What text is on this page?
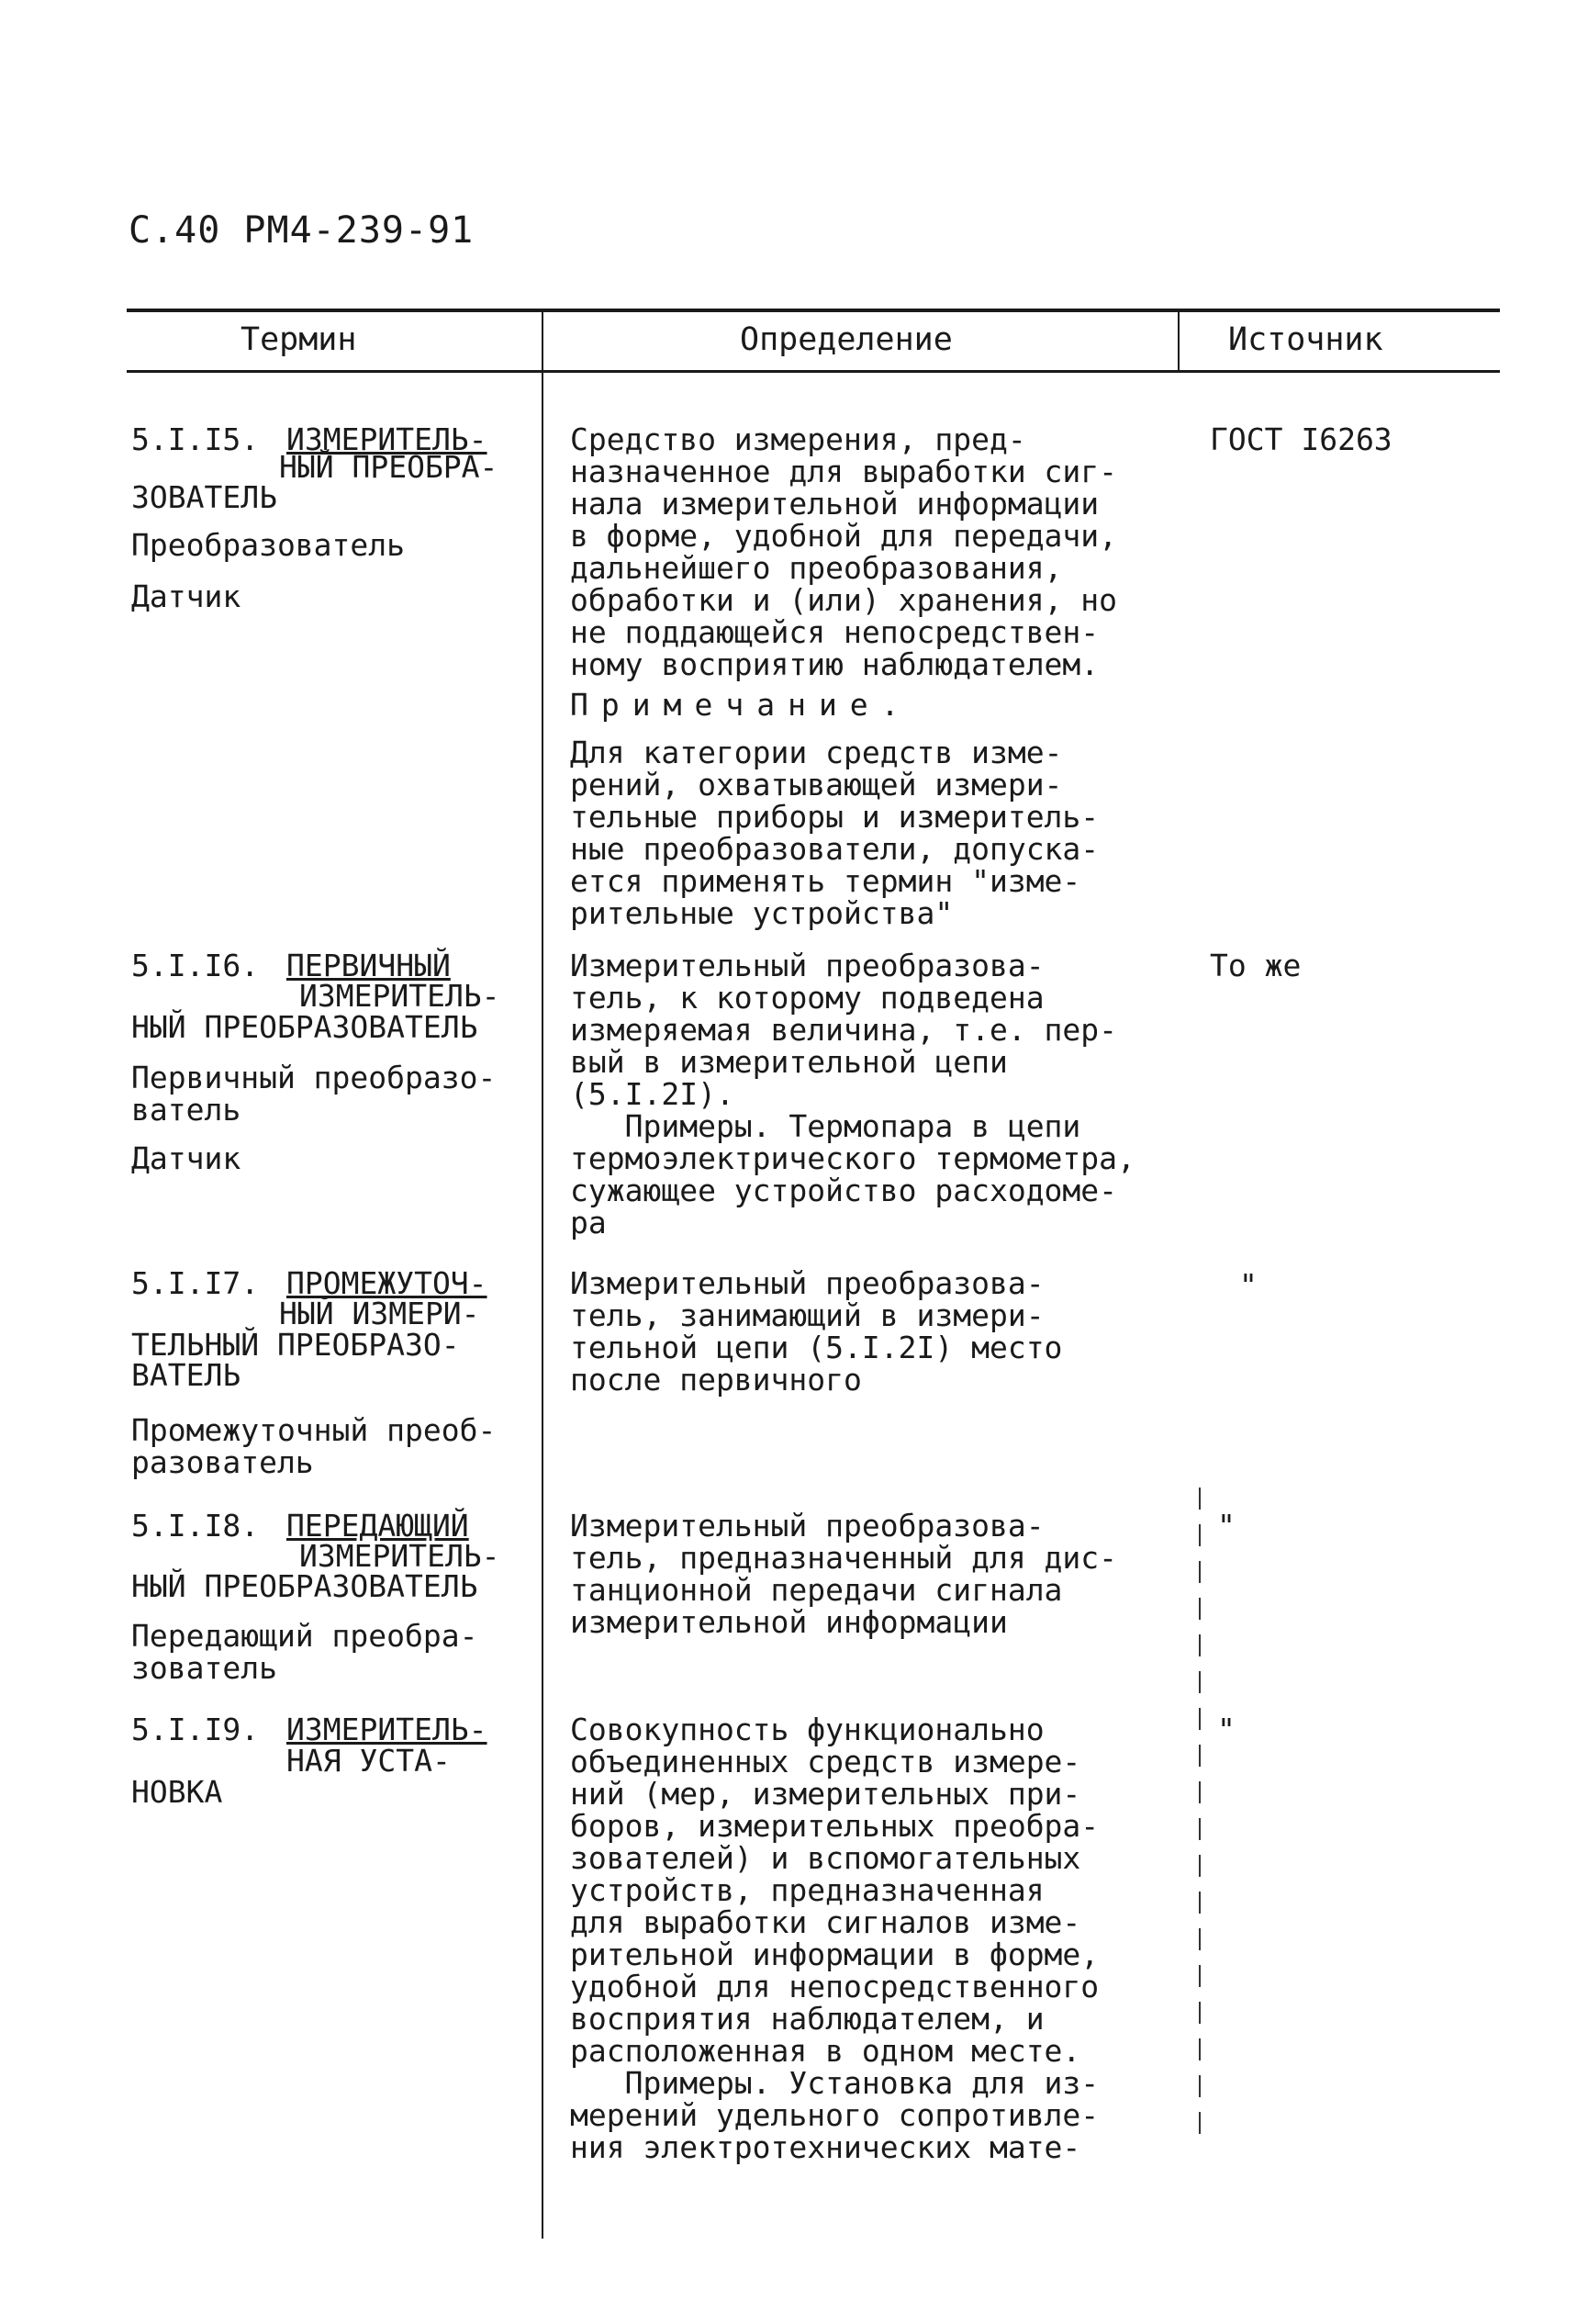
С.40 РМ4-239-91
Термин	Определение	Источник
5.I.I5. ИЗМЕРИТЕЛЬ-
НЫЙ ПРЕОБРА-
ЗОВАТЕЛЬ
Преобразователь
Датчик
Средство измерения, пред-
назначенное для выработки сиг-
нала измерительной информации
в форме, удобной для передачи,
дальнейшего преобразования,
обработки и (или) хранения, но
не поддающейся непосредствен-
ному восприятию наблюдателем.
Примечание.
Для категории средств изме-
рений, охватывающей измери-
тельные приборы и измеритель-
ные преобразователи, допуска-
ется применять термин "изме-
рительные устройства"
ГОСТ I6263
5.I.I6. ПЕРВИЧНЫЙ
ИЗМЕРИТЕЛЬ-
НЫЙ ПРЕОБРАЗОВАТЕЛЬ
Первичный преобразо-
ватель
Датчик
Измерительный преобразова-
тель, к которому подведена
измеряемая величина, т.е. пер-
вый в измерительной цепи
(5.I.2I).
Примеры. Термопара в цепи
термоэлектрического термометра,
сужающее устройство расходоме-
ра
То же
5.I.I7. ПРОМЕЖУТОЧ-
НЫЙ ИЗМЕРИ-
ТЕЛЬНЫЙ ПРЕОБРАЗО-
ВАТЕЛЬ
Промежуточный преоб-
разователь
Измерительный преобразова-
тель, занимающий в измери-
тельной цепи (5.I.2I) место
после первичного
"
5.I.I8. ПЕРЕДАЮЩИЙ
ИЗМЕРИТЕЛЬ-
НЫЙ ПРЕОБРАЗОВАТЕЛЬ
Передающий преобра-
зователь
Измерительный преобразова-
тель, предназначенный для дис-
танционной передачи сигнала
измерительной информации
"
5.I.I9. ИЗМЕРИТЕЛЬ-
НАЯ УСТА-
НОВКА
Совокупность функционально
объединенных средств измере-
ний (мер, измерительных при-
боров, измерительных преобра-
зователей) и вспомогательных
устройств, предназначенная
для выработки сигналов изме-
рительной информации в форме,
удобной для непосредственного
восприятия наблюдателем, и
расположенная в одном месте.
Примеры. Установка для из-
мерений удельного сопротивле-
ния электротехнических мате-
"
